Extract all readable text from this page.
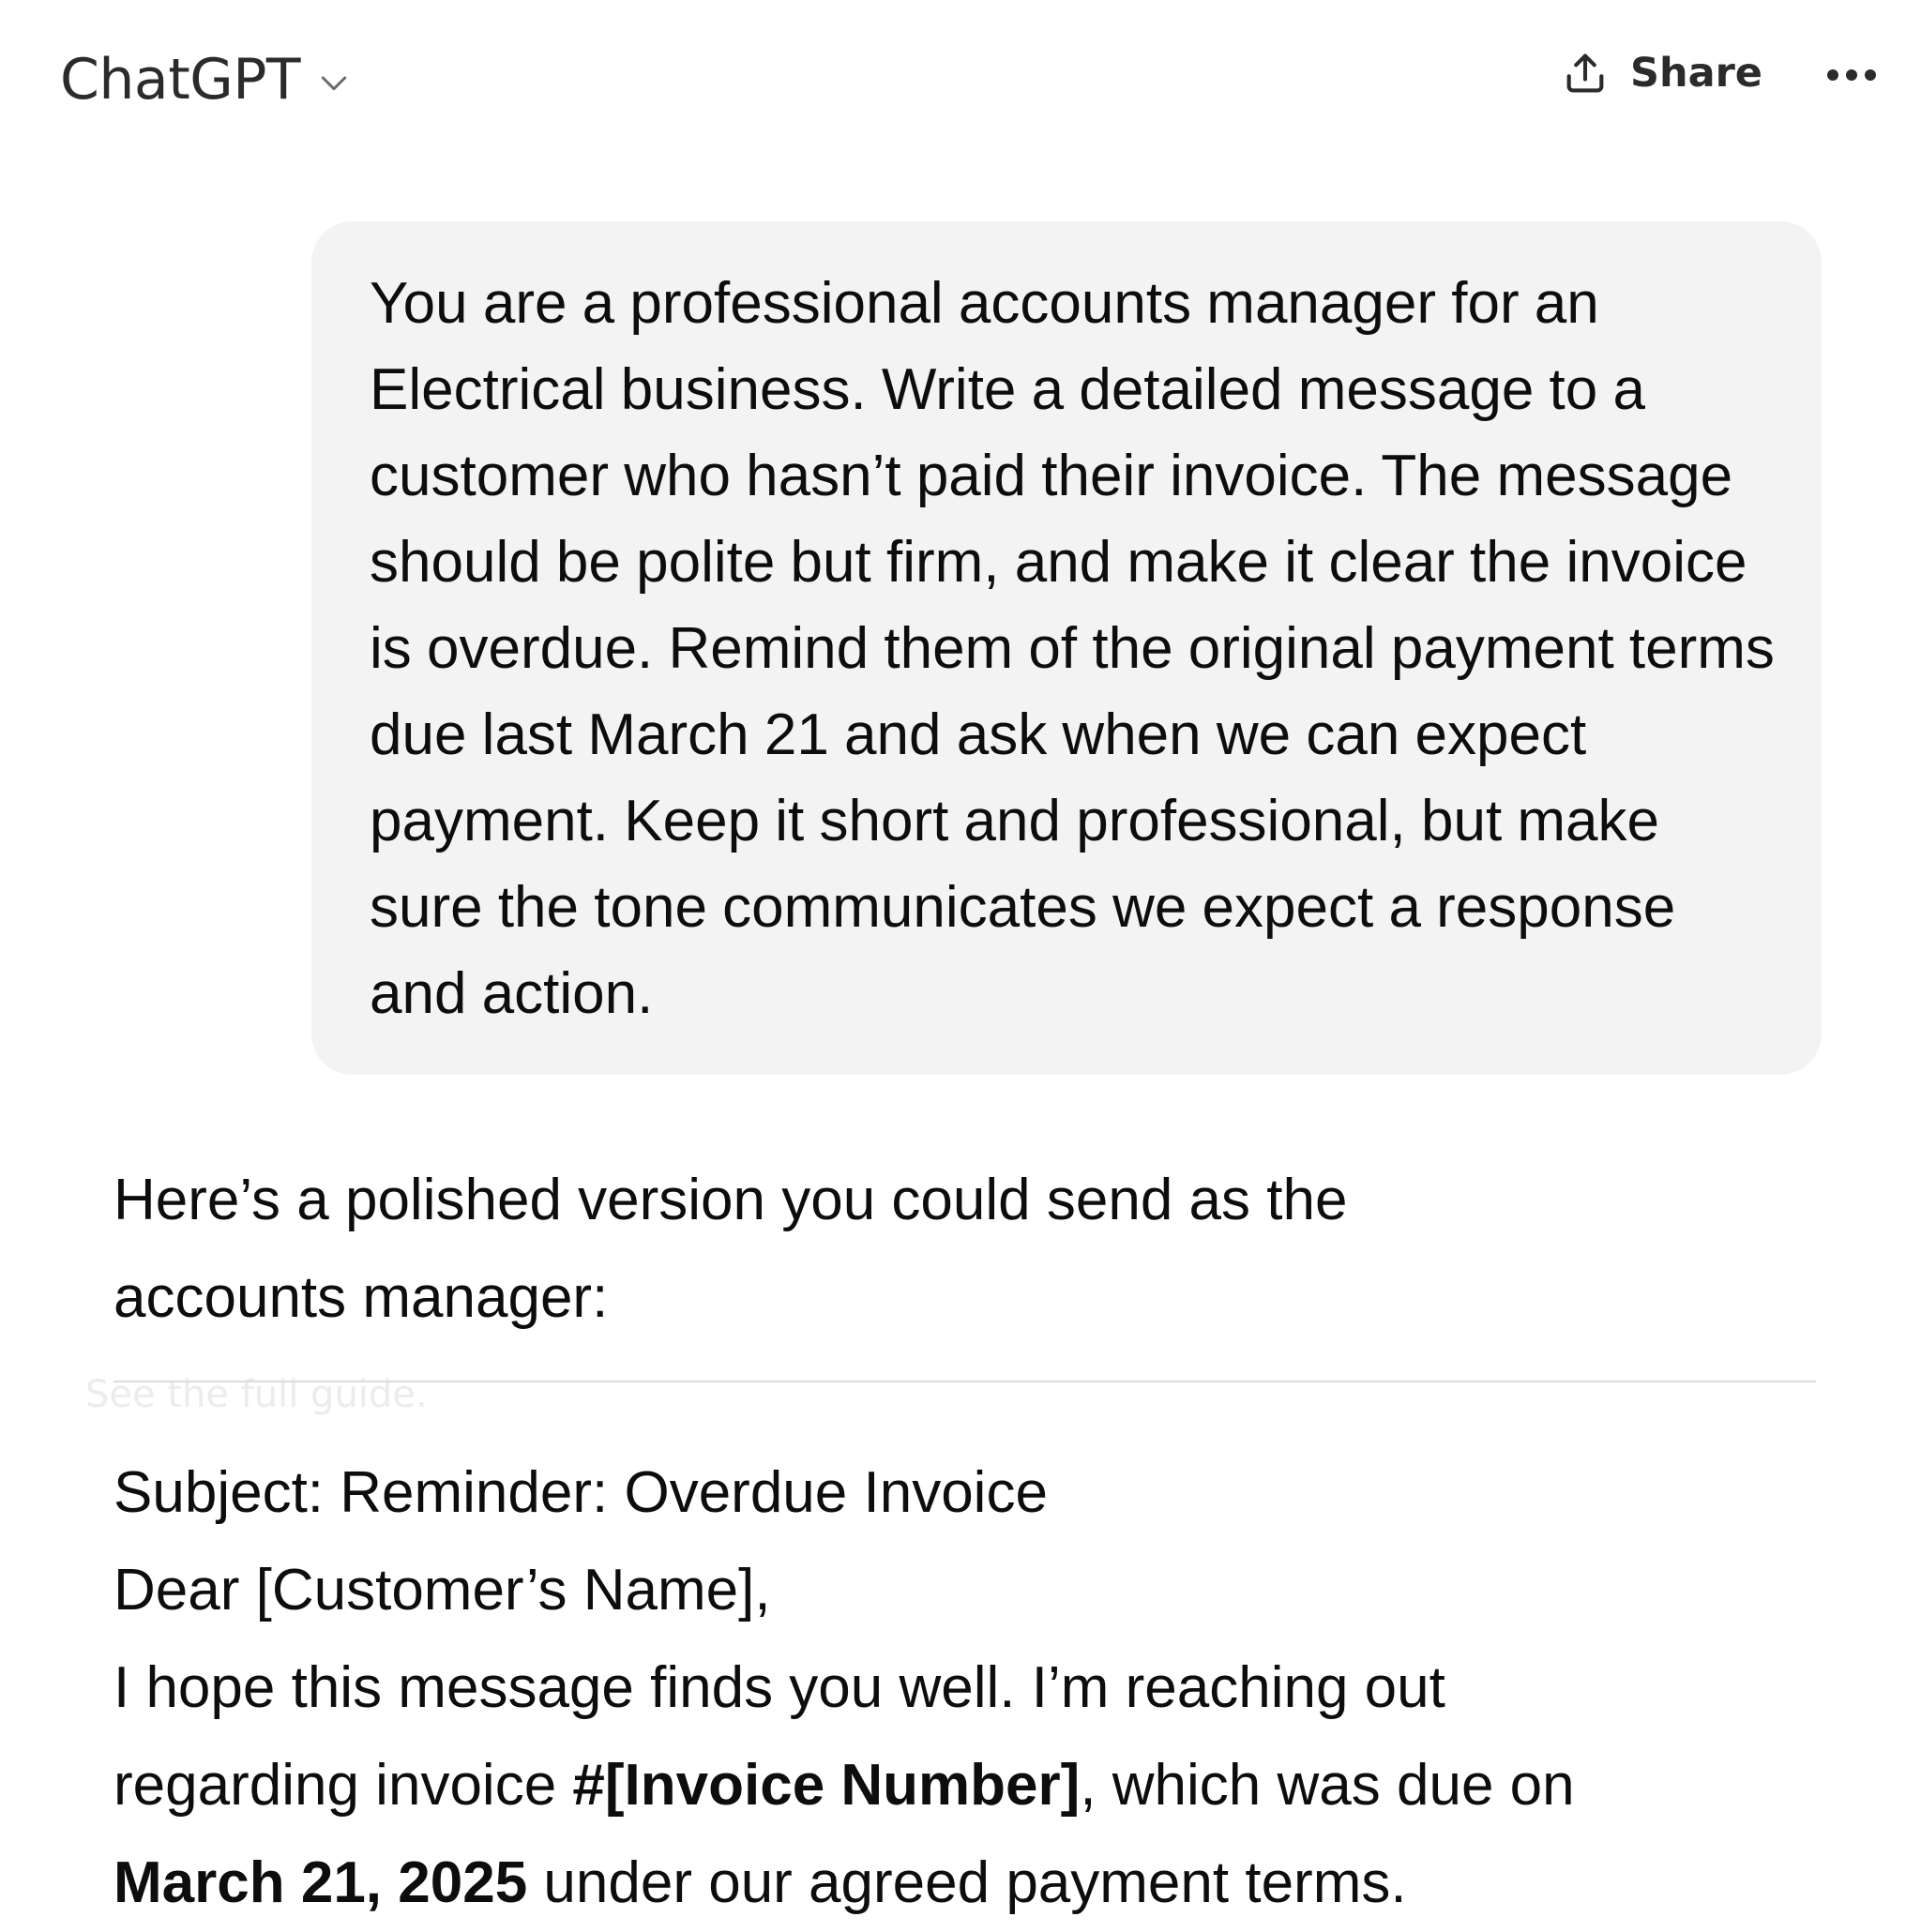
ChatGPT	Share

You are a professional accounts manager for an Electrical business. Write a detailed message to a customer who hasn’t paid their invoice. The message should be polite but firm, and make it clear the invoice is overdue. Remind them of the original payment terms due last March 21 and ask when we can expect payment. Keep it short and professional, but make sure the tone communicates we expect a response and action.

Here’s a polished version you could send as the accounts manager:

See the full guide.

Subject: Reminder: Overdue Invoice

Dear [Customer’s Name],

I hope this message finds you well. I’m reaching out regarding invoice #[Invoice Number], which was due on March 21, 2025 under our agreed payment terms.
